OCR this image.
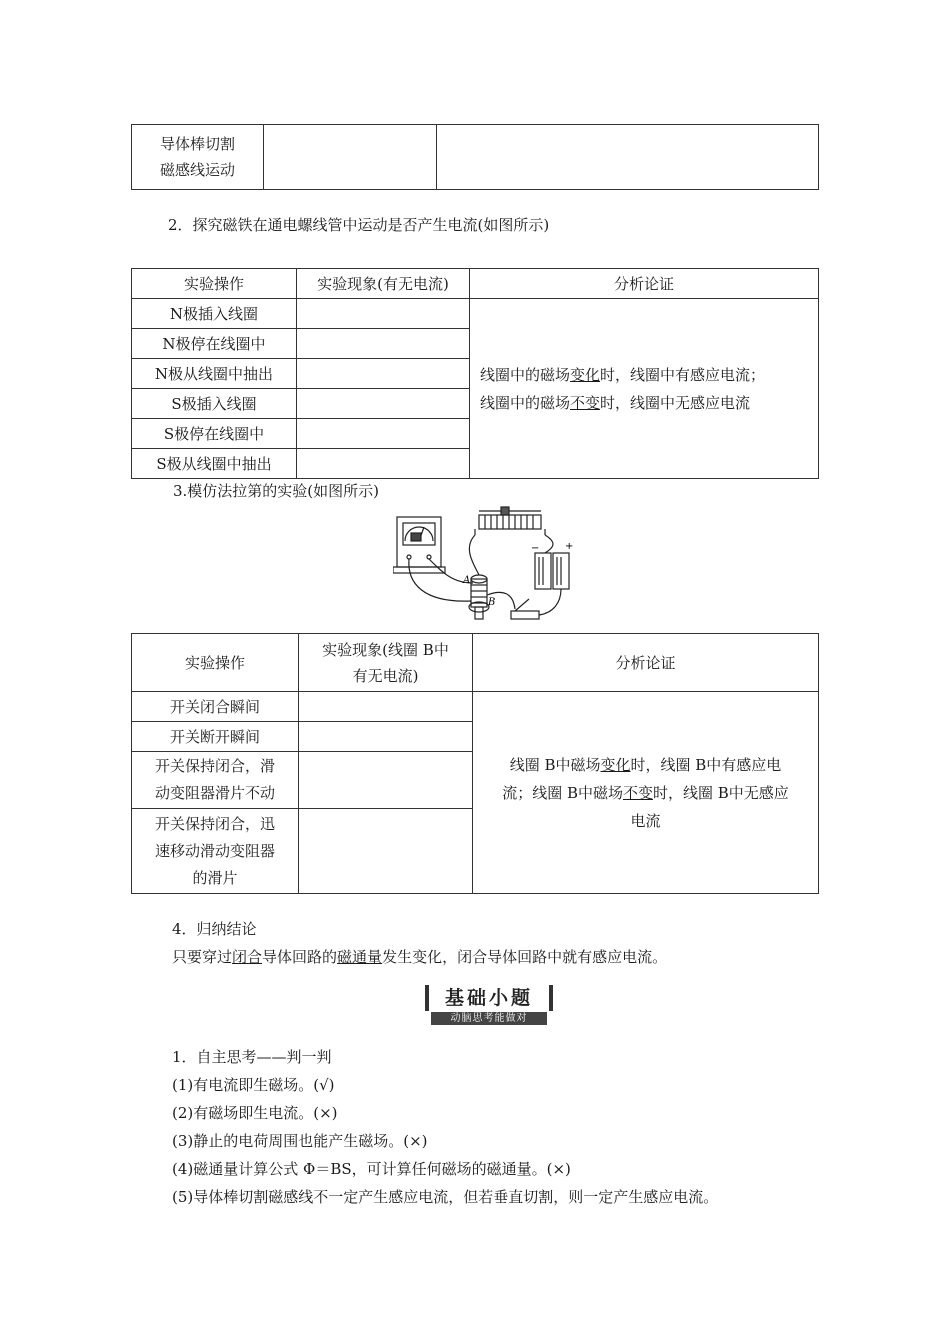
导体棒切割
磁感线运动

2．探究磁铁在通电螺线管中运动是否产生电流(如图所示)
实验操作	实验现象(有无电流)	分析论证
N极插入线圈		线圈中的磁场变化时，线圈中有感应电流；
线圈中的磁场不变时，线圈中无感应电流

N极停在线圈中		
N极从线圈中抽出		
S极插入线圈		
S极停在线圈中		
S极从线圈中抽出		
3.模仿法拉第的实验(如图所示)
A
B
−	+
实验操作	实验现象(线圈 B中
有无电流)	分析论证
开关闭合瞬间		线圈 B中磁场变化时，线圈 B中有感应电
流；线圈 B中磁场不变时，线圈 B中无感应
电流

开关断开瞬间		

开关保持闭合，滑
动变阻器滑片不动		

开关保持闭合，迅
速移动滑动变阻器
的滑片		

4．归纳结论
只要穿过闭合导体回路的磁通量发生变化，闭合导体回路中就有感应电流。
基础小题
动脑思考能做对
1．自主思考——判一判
(1)有电流即生磁场。(√)
(2)有磁场即生电流。(×)
(3)静止的电荷周围也能产生磁场。(×)
(4)磁通量计算公式 Φ＝BS，可计算任何磁场的磁通量。(×)
(5)导体棒切割磁感线不一定产生感应电流，但若垂直切割，则一定产生感应电流。
